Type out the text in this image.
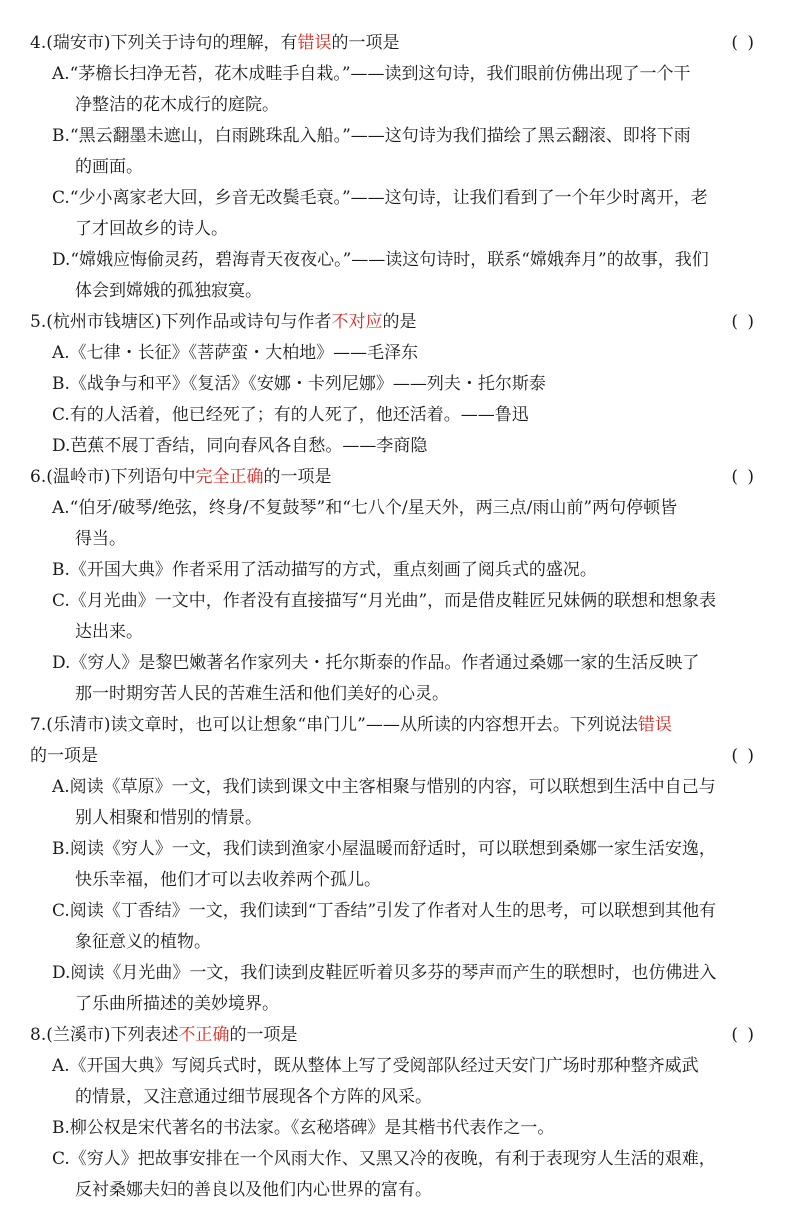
4.(瑞安市)下列关于诗句的理解，有错误的一项是	( )
A.“茅檐长扫净无苔，花木成畦手自栽。”——读到这句诗，我们眼前仿佛出现了一个干
净整洁的花木成行的庭院。
B.“黑云翻墨未遮山，白雨跳珠乱入船。”——这句诗为我们描绘了黑云翻滚、即将下雨
的画面。
C.“少小离家老大回，乡音无改鬓毛衰。”——这句诗，让我们看到了一个年少时离开，老
了才回故乡的诗人。
D.“嫦娥应悔偷灵药，碧海青天夜夜心。”——读这句诗时，联系“嫦娥奔月”的故事，我们
体会到嫦娥的孤独寂寞。
5.(杭州市钱塘区)下列作品或诗句与作者不对应的是	( )
A.《七律・长征》《菩萨蛮・大柏地》——毛泽东
B.《战争与和平》《复活》《安娜・卡列尼娜》——列夫・托尔斯泰
C.有的人活着，他已经死了；有的人死了，他还活着。——鲁迅
D.芭蕉不展丁香结，同向春风各自愁。——李商隐
6.(温岭市)下列语句中完全正确的一项是	( )
A.“伯牙/破琴/绝弦，终身/不复鼓琴”和“七八个/星天外，两三点/雨山前”两句停顿皆
得当。
B.《开国大典》作者采用了活动描写的方式，重点刻画了阅兵式的盛况。
C.《月光曲》一文中，作者没有直接描写“月光曲”，而是借皮鞋匠兄妹俩的联想和想象表
达出来。
D.《穷人》是黎巴嫩著名作家列夫・托尔斯泰的作品。作者通过桑娜一家的生活反映了
那一时期穷苦人民的苦难生活和他们美好的心灵。
7.(乐清市)读文章时，也可以让想象“串门儿”——从所读的内容想开去。下列说法错误
的一项是	( )
A.阅读《草原》一文，我们读到课文中主客相聚与惜别的内容，可以联想到生活中自己与
别人相聚和惜别的情景。
B.阅读《穷人》一文，我们读到渔家小屋温暖而舒适时，可以联想到桑娜一家生活安逸，
快乐幸福，他们才可以去收养两个孤儿。
C.阅读《丁香结》一文，我们读到“丁香结”引发了作者对人生的思考，可以联想到其他有
象征意义的植物。
D.阅读《月光曲》一文，我们读到皮鞋匠听着贝多芬的琴声而产生的联想时，也仿佛进入
了乐曲所描述的美妙境界。
8.(兰溪市)下列表述不正确的一项是	( )
A.《开国大典》写阅兵式时，既从整体上写了受阅部队经过天安门广场时那种整齐威武
的情景，又注意通过细节展现各个方阵的风采。
B.柳公权是宋代著名的书法家。《玄秘塔碑》是其楷书代表作之一。
C.《穷人》把故事安排在一个风雨大作、又黑又冷的夜晚，有利于表现穷人生活的艰难，
反衬桑娜夫妇的善良以及他们内心世界的富有。
